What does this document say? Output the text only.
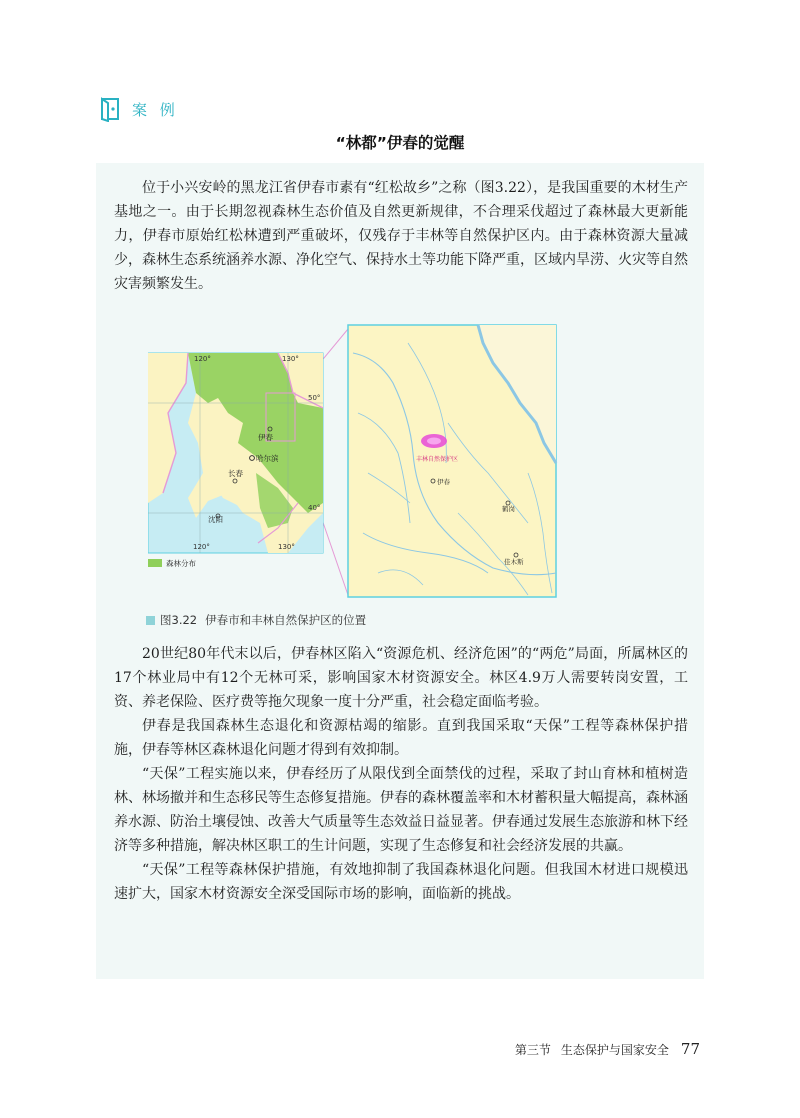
案 例
“林都”伊春的觉醒

位于小兴安岭的黑龙江省伊春市素有“红松故乡”之称（图3.22），是我国重要的木材生产基地之一。由于长期忽视森林生态价值及自然更新规律，不合理采伐超过了森林最大更新能力，伊春市原始红松林遭到严重破坏，仅残存于丰林等自然保护区内。由于森林资源大量减少，森林生态系统涵养水源、净化空气、保持水土等功能下降严重，区域内旱涝、火灾等自然灾害频繁发生。

120°	130°
120°	130°
50°
40°
伊春
哈尔滨
长春
沈阳
森林分布
丰林自然保护区
伊春
鹤岗
佳木斯
图3.22 伊春市和丰林自然保护区的位置

20世纪80年代末以后，伊春林区陷入“资源危机、经济危困”的“两危”局面，所属林区的17个林业局中有12个无林可采，影响国家木材资源安全。林区4.9万人需要转岗安置，工资、养老保险、医疗费等拖欠现象一度十分严重，社会稳定面临考验。

伊春是我国森林生态退化和资源枯竭的缩影。直到我国采取“天保”工程等森林保护措施，伊春等林区森林退化问题才得到有效抑制。

“天保”工程实施以来，伊春经历了从限伐到全面禁伐的过程，采取了封山育林和植树造林、林场撤并和生态移民等生态修复措施。伊春的森林覆盖率和木材蓄积量大幅提高，森林涵养水源、防治土壤侵蚀、改善大气质量等生态效益日益显著。伊春通过发展生态旅游和林下经济等多种措施，解决林区职工的生计问题，实现了生态修复和社会经济发展的共赢。

“天保”工程等森林保护措施，有效地抑制了我国森林退化问题。但我国木材进口规模迅速扩大，国家木材资源安全深受国际市场的影响，面临新的挑战。

第三节 生态保护与国家安全 77
